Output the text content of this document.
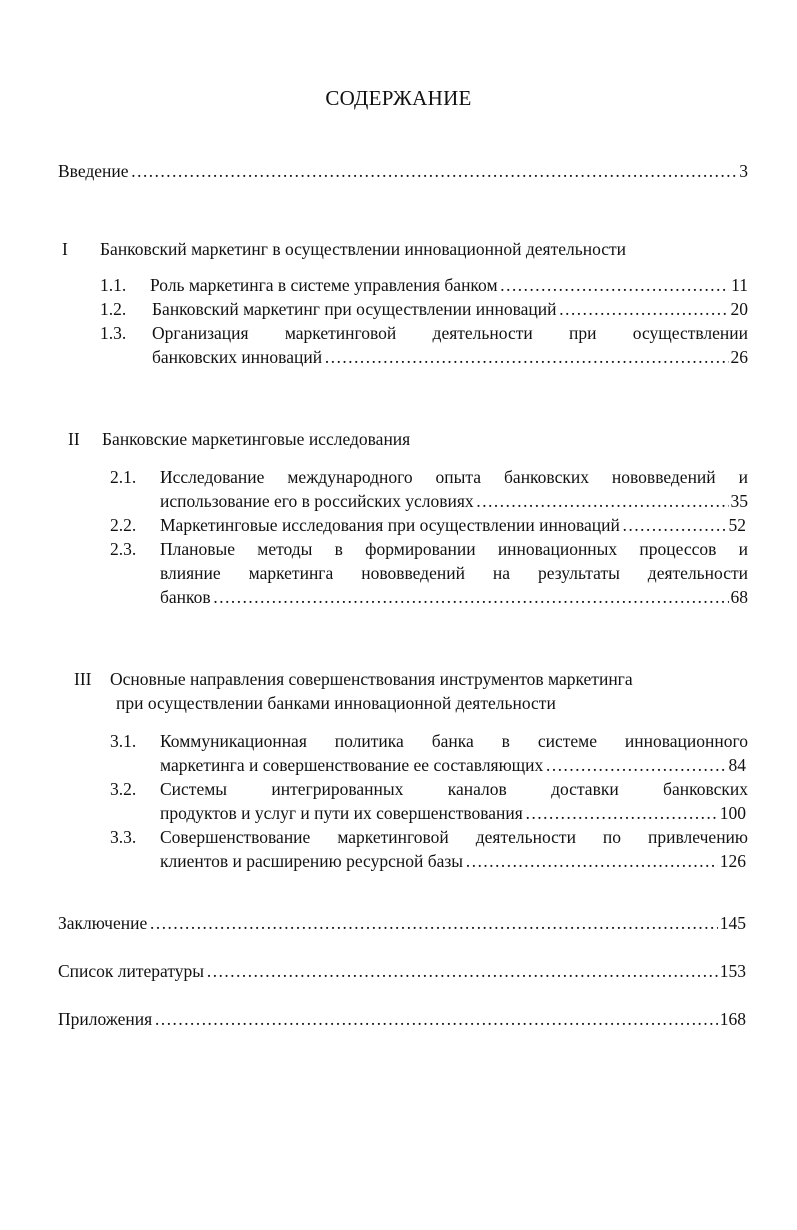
СОДЕРЖАНИЕ
Введение ………………………………………………………………………………………………………………………………………………………………………	3
I Банковский маркетинг в осуществлении инновационной деятельности
1.1. Роль маркетинга в системе управления банком ………………………………………………………………………………………………………………………………………………………………………	11
1.2. Банковский маркетинг при осуществлении инноваций ………………………………………………………………………………………………………………………………………………………………………	20
1.3. Организация маркетинговой деятельности при осуществлении
банковских инноваций ………………………………………………………………………………………………………………………………………………………………………	26
II Банковские маркетинговые исследования
2.1. Исследование международного опыта банковских нововведений и
использование его в российских условиях ………………………………………………………………………………………………………………………………………………………………………	35
2.2. Маркетинговые исследования при осуществлении инноваций ………………………………………………………………………………………………………………………………………………………………………	52
2.3. Плановые методы в формировании инновационных процессов и
влияние маркетинга нововведений на результаты деятельности
банков ………………………………………………………………………………………………………………………………………………………………………	68
III Основные направления совершенствования инструментов маркетинга
при осуществлении банками инновационной деятельности
3.1. Коммуникационная политика банка в системе инновационного
маркетинга и совершенствование ее составляющих ………………………………………………………………………………………………………………………………………………………………………	84
3.2. Системы интегрированных каналов доставки банковских
продуктов и услуг и пути их совершенствования ………………………………………………………………………………………………………………………………………………………………………	100
3.3. Совершенствование маркетинговой деятельности по привлечению
клиентов и расширению ресурсной базы ………………………………………………………………………………………………………………………………………………………………………	126
Заключение ………………………………………………………………………………………………………………………………………………………………………	145
Список литературы ………………………………………………………………………………………………………………………………………………………………………	153
Приложения ………………………………………………………………………………………………………………………………………………………………………	168
